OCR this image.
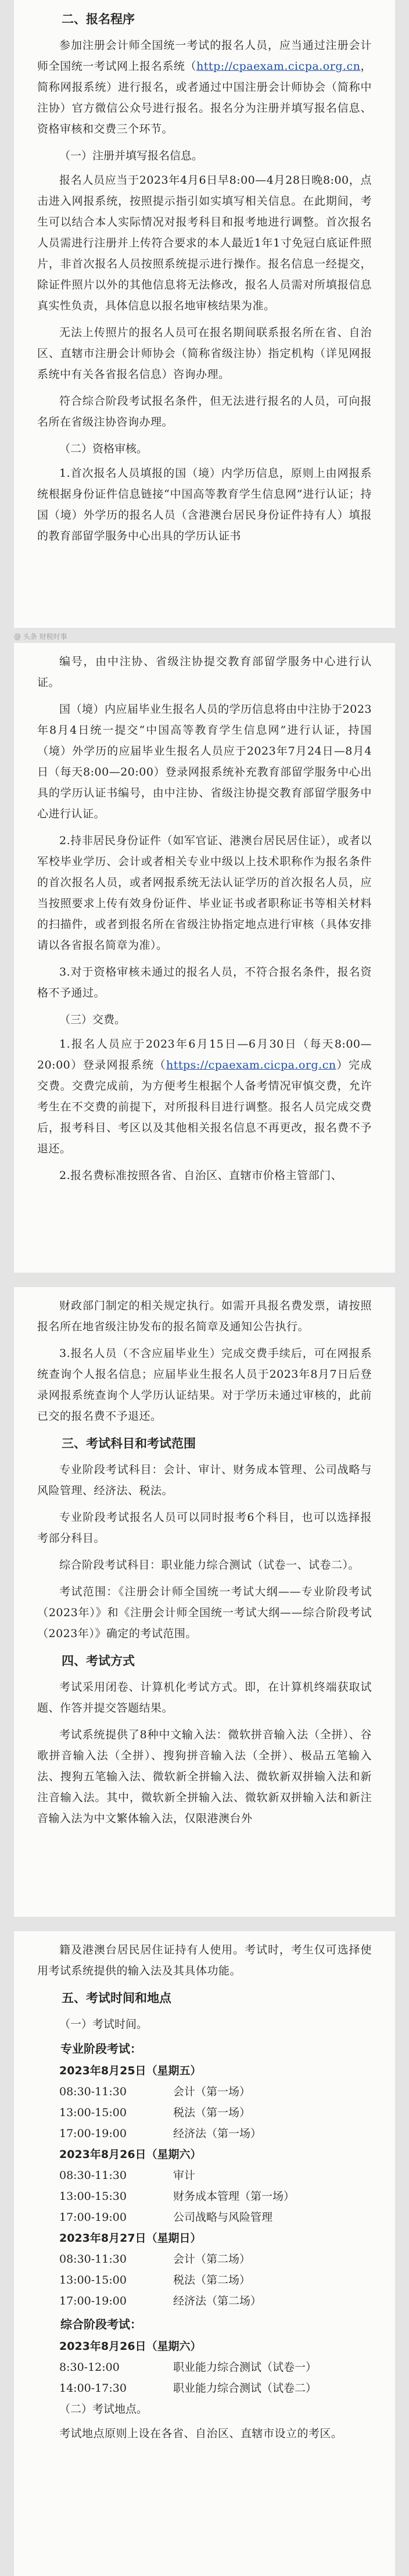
二、报名程序

参加注册会计师全国统一考试的报名人员，应当通过注册会计师全国统一考试网上报名系统（http://cpaexam.cicpa.org.cn，简称网报系统）进行报名，或者通过中国注册会计师协会（简称中注协）官方微信公众号进行报名。报名分为注册并填写报名信息、资格审核和交费三个环节。

（一）注册并填写报名信息。

报名人员应当于2023年4月6日早8:00—4月28日晚8:00，点击进入网报系统，按照提示指引如实填写相关信息。在此期间，考生可以结合本人实际情况对报考科目和报考地进行调整。首次报名人员需进行注册并上传符合要求的本人最近1年1寸免冠白底证件照片，非首次报名人员按照系统提示进行操作。报名信息一经提交，除证件照片以外的其他信息将无法修改，报名人员需对所填报信息真实性负责，具体信息以报名地审核结果为准。

无法上传照片的报名人员可在报名期间联系报名所在省、自治区、直辖市注册会计师协会（简称省级注协）指定机构（详见网报系统中有关各省报名信息）咨询办理。

符合综合阶段考试报名条件，但无法进行报名的人员，可向报名所在省级注协咨询办理。

（二）资格审核。

1.首次报名人员填报的国（境）内学历信息，原则上由网报系统根据身份证件信息链接“中国高等教育学生信息网”进行认证；持国（境）外学历的报名人员（含港澳台居民身份证件持有人）填报的教育部留学服务中心出具的学历认证书

编号，由中注协、省级注协提交教育部留学服务中心进行认证。

国（境）内应届毕业生报名人员的学历信息将由中注协于2023年8月4日统一提交“中国高等教育学生信息网”进行认证，持国（境）外学历的应届毕业生报名人员应于2023年7月24日—8月4日（每天8:00—20:00）登录网报系统补充教育部留学服务中心出具的学历认证书编号，由中注协、省级注协提交教育部留学服务中心进行认证。

2.持非居民身份证件（如军官证、港澳台居民居住证），或者以军校毕业学历、会计或者相关专业中级以上技术职称作为报名条件的首次报名人员，或者网报系统无法认证学历的首次报名人员，应当按照要求上传有效身份证件、毕业证书或者职称证书等相关材料的扫描件，或者到报名所在省级注协指定地点进行审核（具体安排请以各省报名简章为准）。

3.对于资格审核未通过的报名人员，不符合报名条件，报名资格不予通过。

（三）交费。

1.报名人员应于2023年6月15日—6月30日（每天8:00—20:00）登录网报系统（https://cpaexam.cicpa.org.cn）完成交费。交费完成前，为方便考生根据个人备考情况审慎交费，允许考生在不交费的前提下，对所报科目进行调整。报名人员完成交费后，报考科目、考区以及其他相关报名信息不再更改，报名费不予退还。

2.报名费标准按照各省、自治区、直辖市价格主管部门、

财政部门制定的相关规定执行。如需开具报名费发票，请按照报名所在地省级注协发布的报名简章及通知公告执行。

3.报名人员（不含应届毕业生）完成交费手续后，可在网报系统查询个人报名信息；应届毕业生报名人员于2023年8月7日后登录网报系统查询个人学历认证结果。对于学历未通过审核的，此前已交的报名费不予退还。

三、考试科目和考试范围

专业阶段考试科目：会计、审计、财务成本管理、公司战略与风险管理、经济法、税法。

专业阶段考试报名人员可以同时报考6个科目，也可以选择报考部分科目。

综合阶段考试科目：职业能力综合测试（试卷一、试卷二）。

考试范围：《注册会计师全国统一考试大纲——专业阶段考试（2023年）》和《注册会计师全国统一考试大纲——综合阶段考试（2023年）》确定的考试范围。

四、考试方式

考试采用闭卷、计算机化考试方式。即，在计算机终端获取试题、作答并提交答题结果。

考试系统提供了8种中文输入法：微软拼音输入法（全拼）、谷歌拼音输入法（全拼）、搜狗拼音输入法（全拼）、极品五笔输入法、搜狗五笔输入法、微软新全拼输入法、微软新双拼输入法和新注音输入法。其中，微软新全拼输入法、微软新双拼输入法和新注音输入法为中文繁体输入法，仅限港澳台外

籍及港澳台居民居住证持有人使用。考试时，考生仅可选择使用考试系统提供的输入法及其具体功能。

五、考试时间和地点

（一）考试时间。

专业阶段考试：

2023年8月25日（星期五）

08:30-11:30	会计（第一场）
13:00-15:00	税法（第一场）
17:00-19:00	经济法（第一场）

2023年8月26日（星期六）

08:30-11:30	审计
13:00-15:30	财务成本管理（第一场）
17:00-19:00	公司战略与风险管理

2023年8月27日（星期日）

08:30-11:30	会计（第二场）
13:00-15:00	税法（第二场）
17:00-19:00	经济法（第二场）

综合阶段考试：

2023年8月26日（星期六）

8:30-12:00	职业能力综合测试（试卷一）
14:00-17:30	职业能力综合测试（试卷二）

（二）考试地点。

考试地点原则上设在各省、自治区、直辖市设立的考区。

@ 头条 财税时事
